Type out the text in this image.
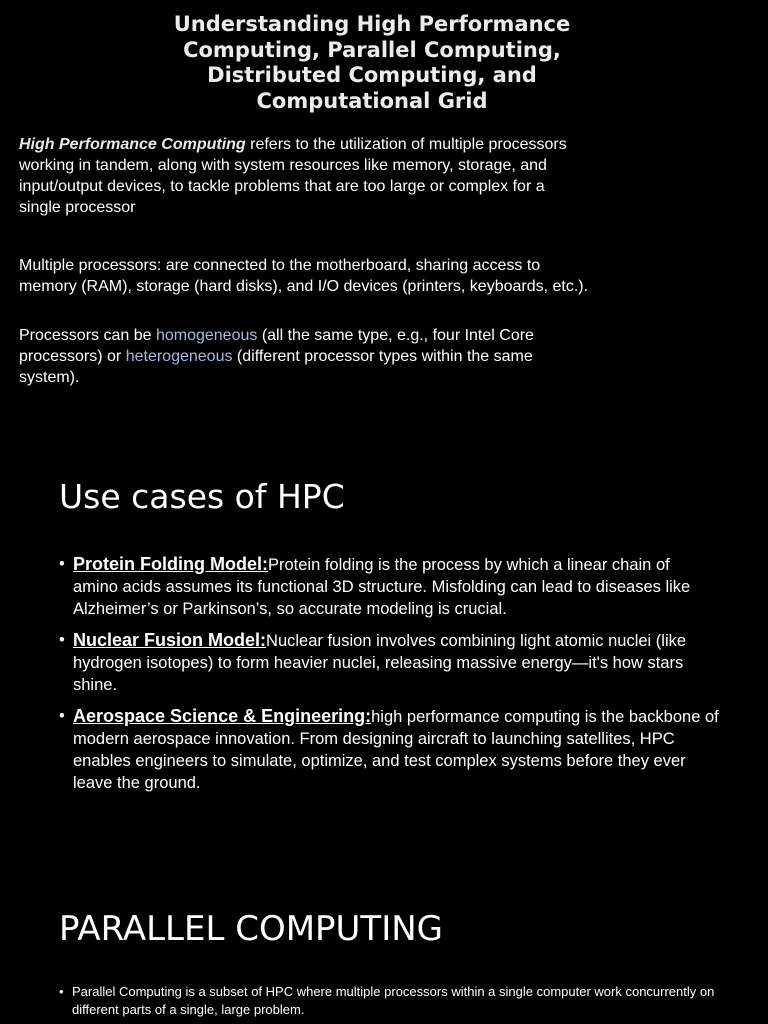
Understanding High Performance Computing, Parallel Computing, Distributed Computing, and Computational Grid
High Performance Computing refers to the utilization of multiple processors working in tandem, along with system resources like memory, storage, and input/output devices, to tackle problems that are too large or complex for a single processor
Multiple processors: are connected to the motherboard, sharing access to memory (RAM), storage (hard disks), and I/O devices (printers, keyboards, etc.).
Processors can be homogeneous (all the same type, e.g., four Intel Core processors) or heterogeneous (different processor types within the same system).
Use cases of HPC
• Protein Folding Model:Protein folding is the process by which a linear chain of amino acids assumes its functional 3D structure. Misfolding can lead to diseases like Alzheimer’s or Parkinson’s, so accurate modeling is crucial.
• Nuclear Fusion Model:Nuclear fusion involves combining light atomic nuclei (like hydrogen isotopes) to form heavier nuclei, releasing massive energy—it's how stars shine.
• Aerospace Science & Engineering:high performance computing is the backbone of modern aerospace innovation. From designing aircraft to launching satellites, HPC enables engineers to simulate, optimize, and test complex systems before they ever leave the ground.
PARALLEL COMPUTING
• Parallel Computing is a subset of HPC where multiple processors within a single computer work concurrently on different parts of a single, large problem.
